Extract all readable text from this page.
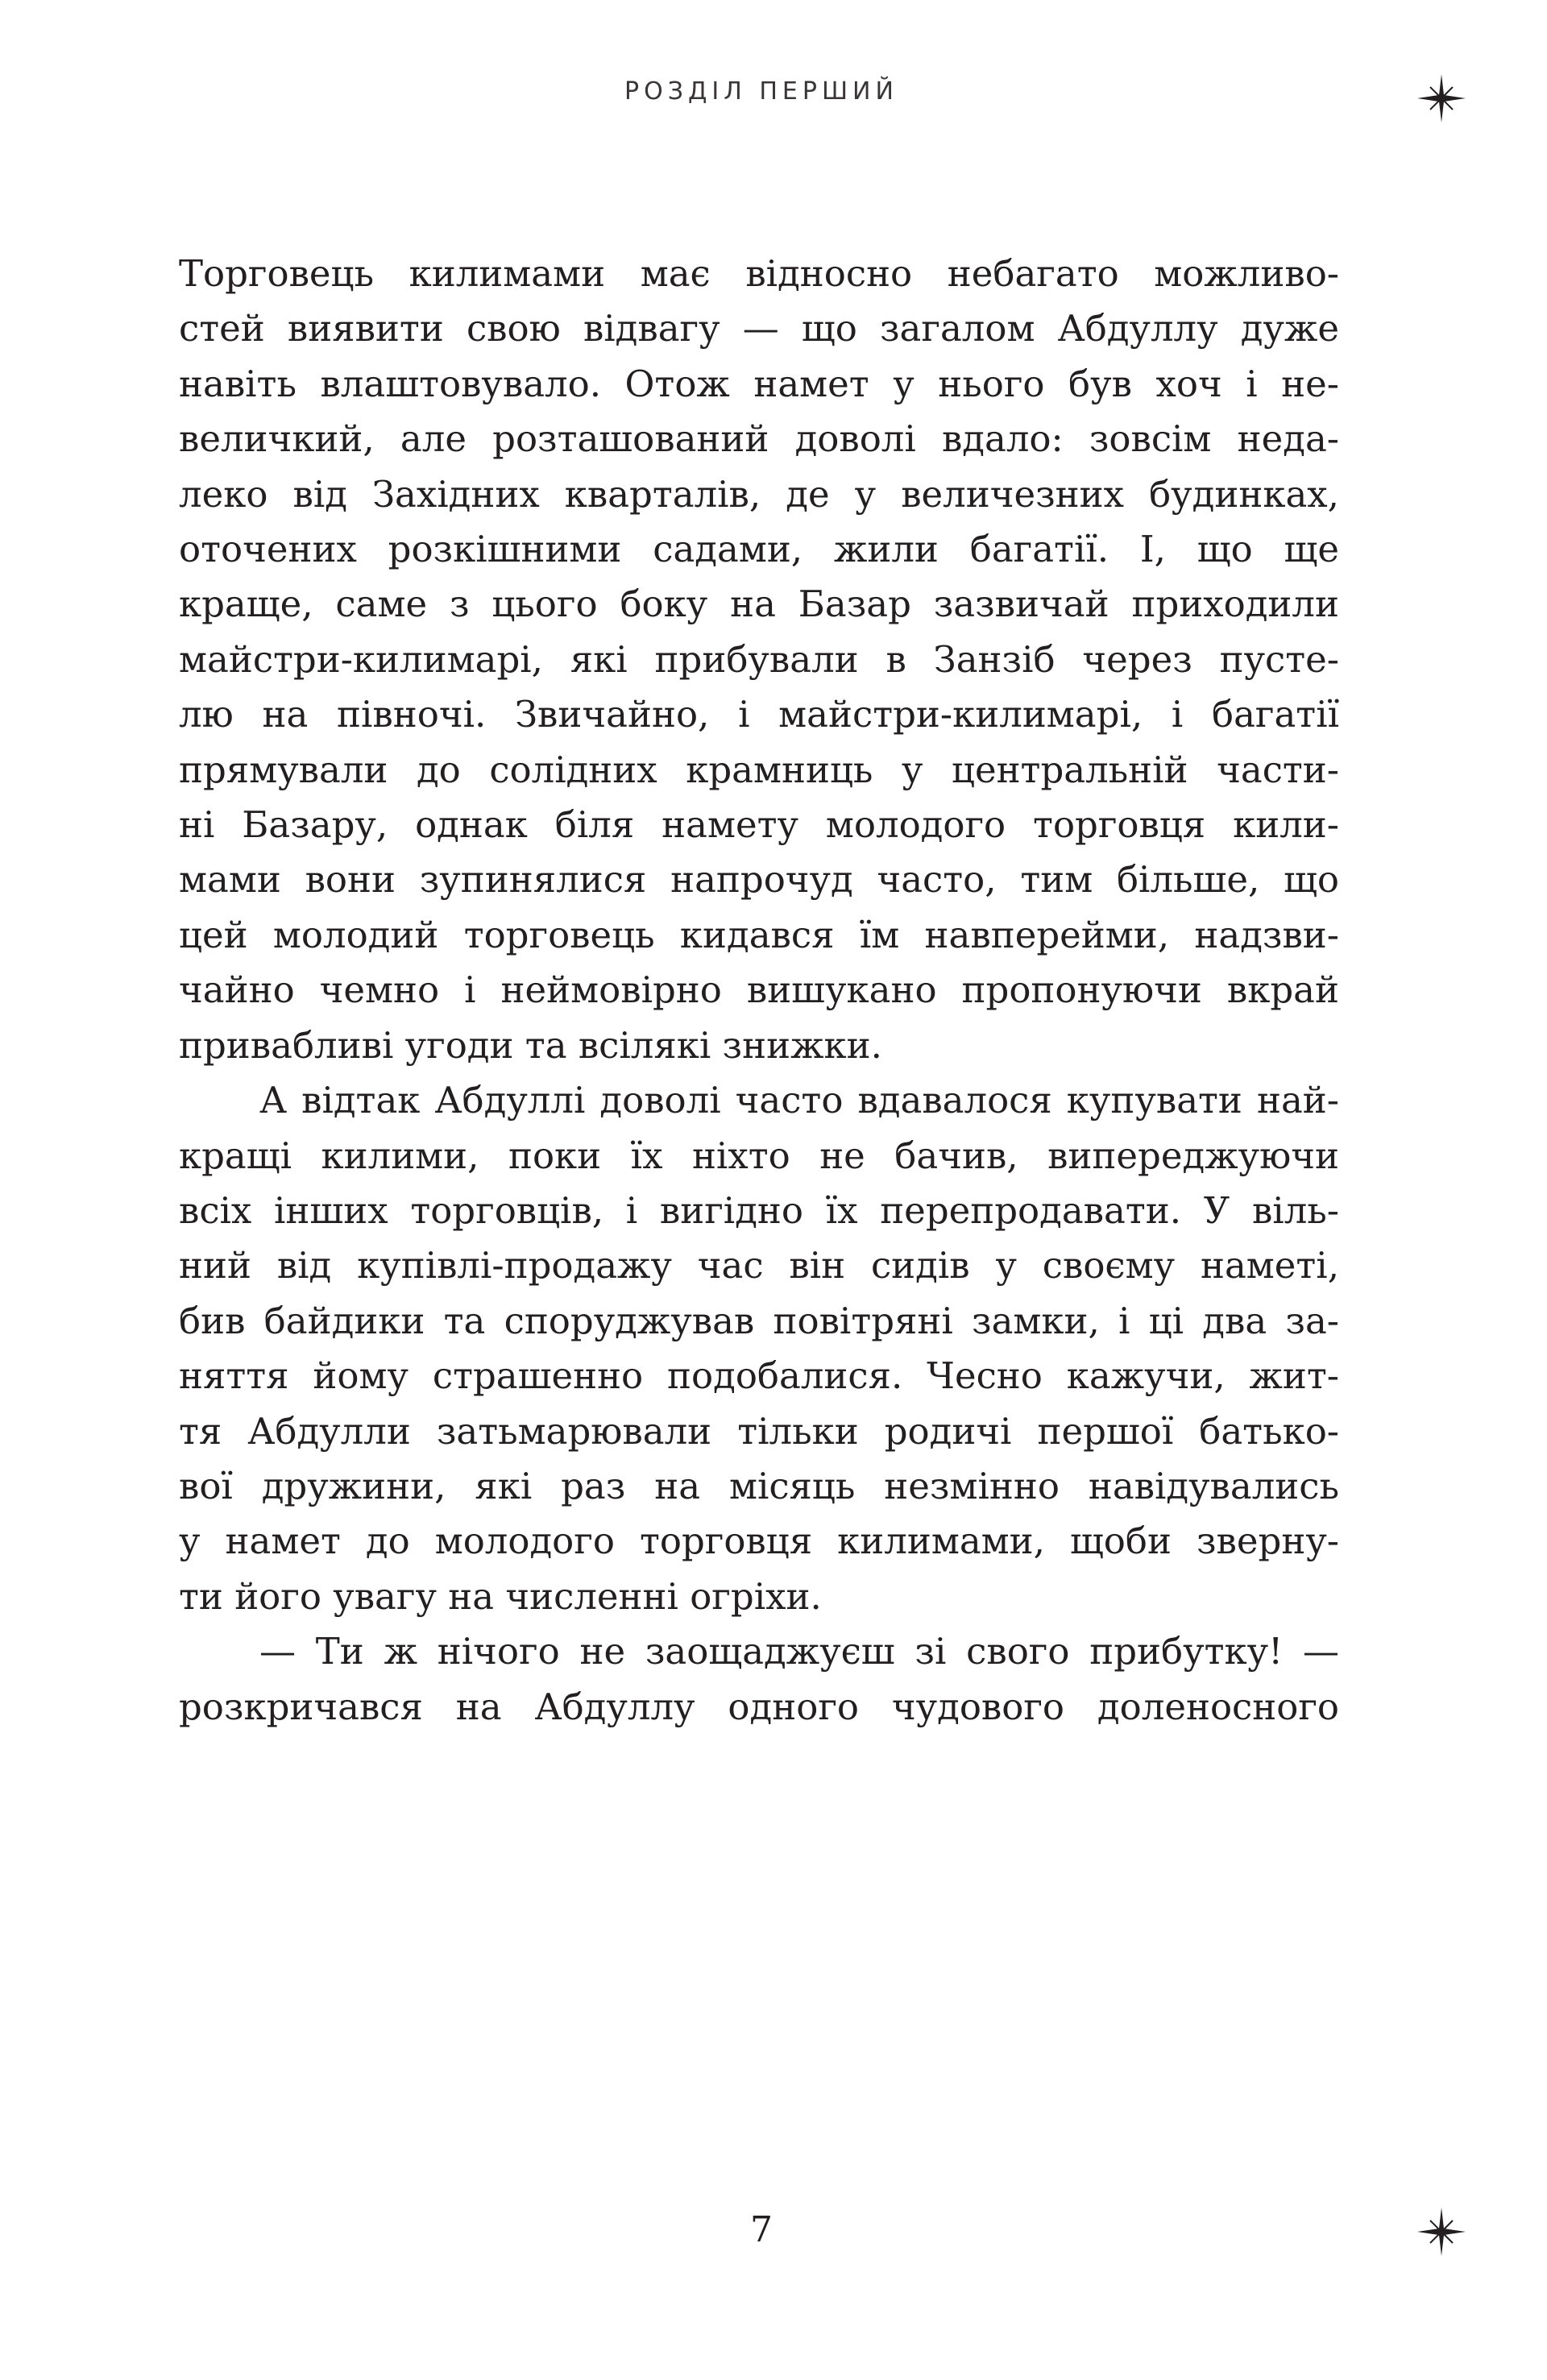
РОЗДІЛ ПЕРШИЙ
Торговець килимами має відносно небагато можливо-
стей виявити свою відвагу — що загалом Абдуллу дуже
навіть влаштовувало. Отож намет у нього був хоч і не-
величкий, але розташований доволі вдало: зовсім неда-
леко від Західних кварталів, де у величезних будинках,
оточених розкішними садами, жили багатії. І, що ще
краще, саме з цього боку на Базар зазвичай приходили
майстри-килимарі, які прибували в Занзіб через пусте-
лю на півночі. Звичайно, і майстри-килимарі, і багатії
прямували до солідних крамниць у центральній части-
ні Базару, однак біля намету молодого торговця кили-
мами вони зупинялися напрочуд часто, тим більше, що
цей молодий торговець кидався їм навперейми, надзви-
чайно чемно і неймовірно вишукано пропонуючи вкрай
привабливі угоди та всілякі знижки.
А відтак Абдуллі доволі часто вдавалося купувати най-
кращі килими, поки їх ніхто не бачив, випереджуючи
всіх інших торговців, і вигідно їх перепродавати. У віль-
ний від купівлі-продажу час він сидів у своєму наметі,
бив байдики та споруджував повітряні замки, і ці два за-
няття йому страшенно подобалися. Чесно кажучи, жит-
тя Абдулли затьмарювали тільки родичі першої батько-
вої дружини, які раз на місяць незмінно навідувались
у намет до молодого торговця килимами, щоби зверну-
ти його увагу на численні огріхи.
— Ти ж нічого не заощаджуєш зі свого прибутку! —
розкричався на Абдуллу одного чудового доленосного
7
